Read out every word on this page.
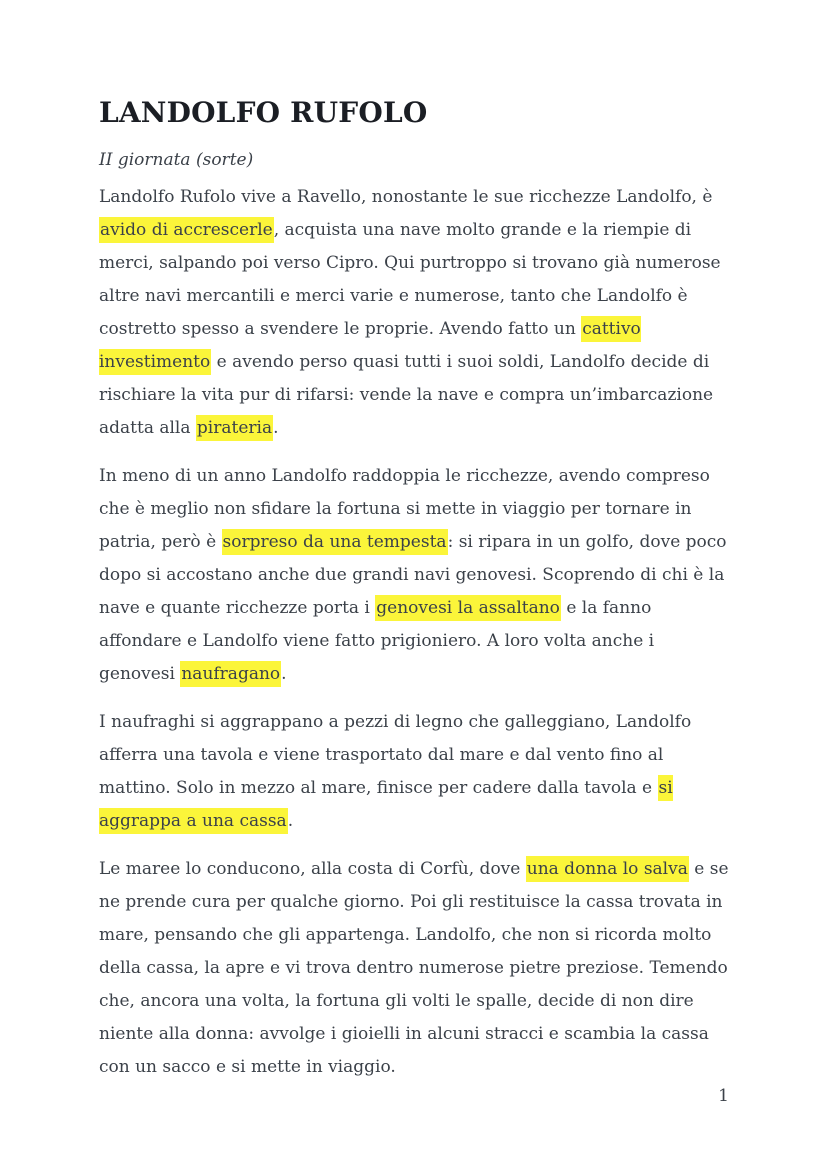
LANDOLFO RUFOLO
II giornata (sorte)

Landolfo Rufolo vive a Ravello, nonostante le sue ricchezze Landolfo, è avido di accrescerle, acquista una nave molto grande e la riempie di merci, salpando poi verso Cipro. Qui purtroppo si trovano già numerose altre navi mercantili e merci varie e numerose, tanto che Landolfo è costretto spesso a svendere le proprie. Avendo fatto un cattivo investimento e avendo perso quasi tutti i suoi soldi, Landolfo decide di rischiare la vita pur di rifarsi: vende la nave e compra un’imbarcazione adatta alla pirateria.

In meno di un anno Landolfo raddoppia le ricchezze, avendo compreso che è meglio non sfidare la fortuna si mette in viaggio per tornare in patria, però è sorpreso da una tempesta: si ripara in un golfo, dove poco dopo si accostano anche due grandi navi genovesi. Scoprendo di chi è la nave e quante ricchezze porta i genovesi la assaltano e la fanno affondare e Landolfo viene fatto prigioniero. A loro volta anche i genovesi naufragano.

I naufraghi si aggrappano a pezzi di legno che galleggiano, Landolfo afferra una tavola e viene trasportato dal mare e dal vento fino al mattino. Solo in mezzo al mare, finisce per cadere dalla tavola e si aggrappa a una cassa.

Le maree lo conducono, alla costa di Corfù, dove una donna lo salva e se ne prende cura per qualche giorno. Poi gli restituisce la cassa trovata in mare, pensando che gli appartenga. Landolfo, che non si ricorda molto della cassa, la apre e vi trova dentro numerose pietre preziose. Temendo che, ancora una volta, la fortuna gli volti le spalle, decide di non dire niente alla donna: avvolge i gioielli in alcuni stracci e scambia la cassa con un sacco e si mette in viaggio.

1
